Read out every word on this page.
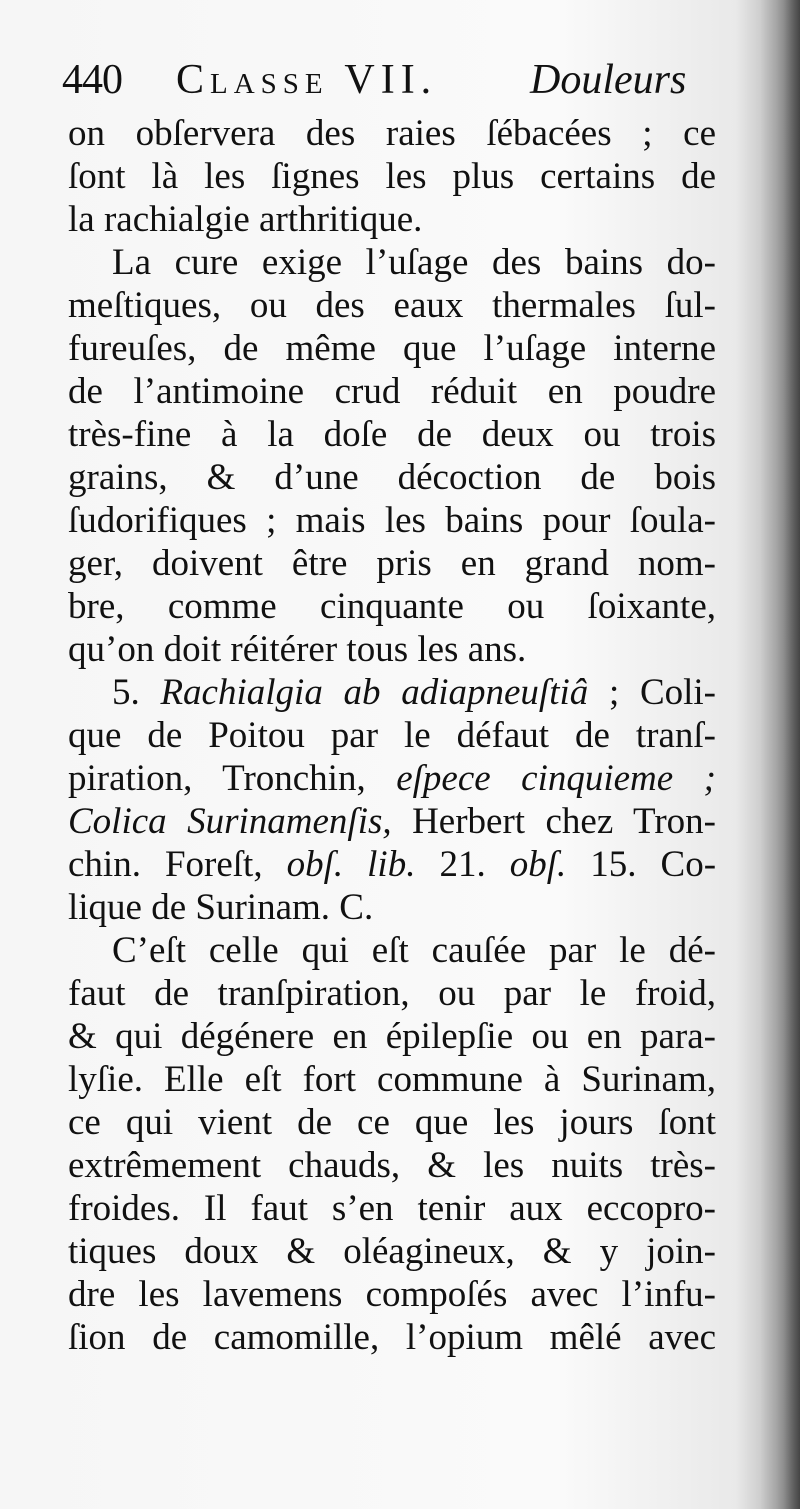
440 Classe VII. Douleurs
on obſervera des raies ſébacées ; ce
ſont là les ſignes les plus certains de
la rachialgie arthritique.
La cure exige l’uſage des bains do-
meſtiques, ou des eaux thermales ſul-
fureuſes, de même que l’uſage interne
de l’antimoine crud réduit en poudre
très-fine à la doſe de deux ou trois
grains, & d’une décoction de bois
ſudorifiques ; mais les bains pour ſoula-
ger, doivent être pris en grand nom-
bre, comme cinquante ou ſoixante,
qu’on doit réitérer tous les ans.
5. Rachialgia ab adiapneuſtiâ ; Coli-
que de Poitou par le défaut de tranſ-
piration, Tronchin, eſpece cinquieme ;
Colica Surinamenſis, Herbert chez Tron-
chin. Foreſt, obſ. lib. 21. obſ. 15. Co-
lique de Surinam. C.
C’eſt celle qui eſt cauſée par le dé-
faut de tranſpiration, ou par le froid,
& qui dégénere en épilepſie ou en para-
lyſie. Elle eſt fort commune à Surinam,
ce qui vient de ce que les jours ſont
extrêmement chauds, & les nuits très-
froides. Il faut s’en tenir aux eccopro-
tiques doux & oléagineux, & y join-
dre les lavemens compoſés avec l’infu-
ſion de camomille, l’opium mêlé avec
